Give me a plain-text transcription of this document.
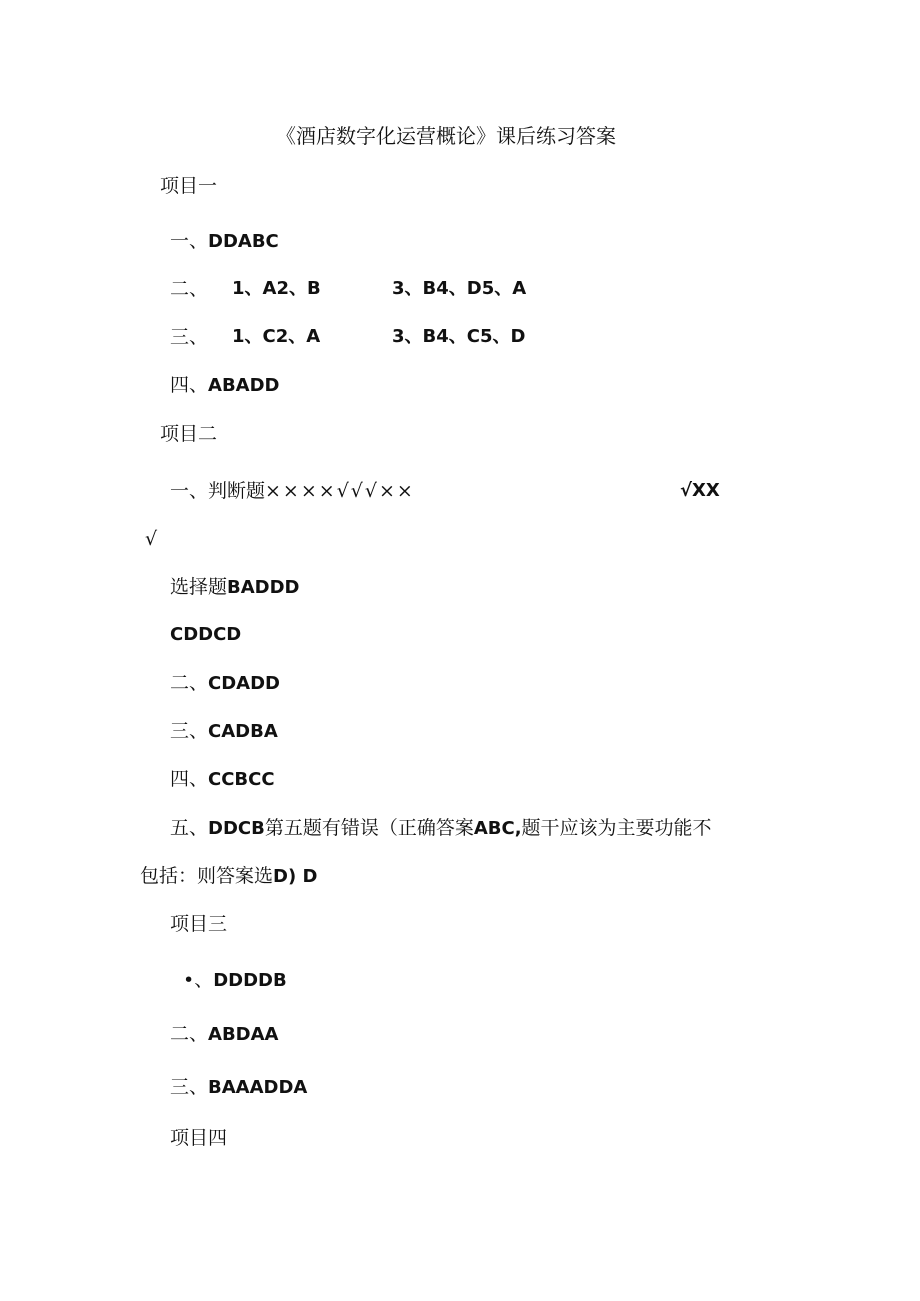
《酒店数字化运营概论》课后练习答案
项目一
一、DDABC
二、 1、A2、B	3、B4、D5、A
三、 1、C2、A	3、B4、C5、D
四、ABADD
项目二
一、判断题××××√√√××	√XX
√
选择题BADDD
CDDCD
二、CDADD
三、CADBA
四、CCBCC
五、DDCB第五题有错误（正确答案ABC,题干应该为主要功能不
包括：则答案选D) D
项目三
•、DDDDB
二、ABDAA
三、BAAADDA
项目四
